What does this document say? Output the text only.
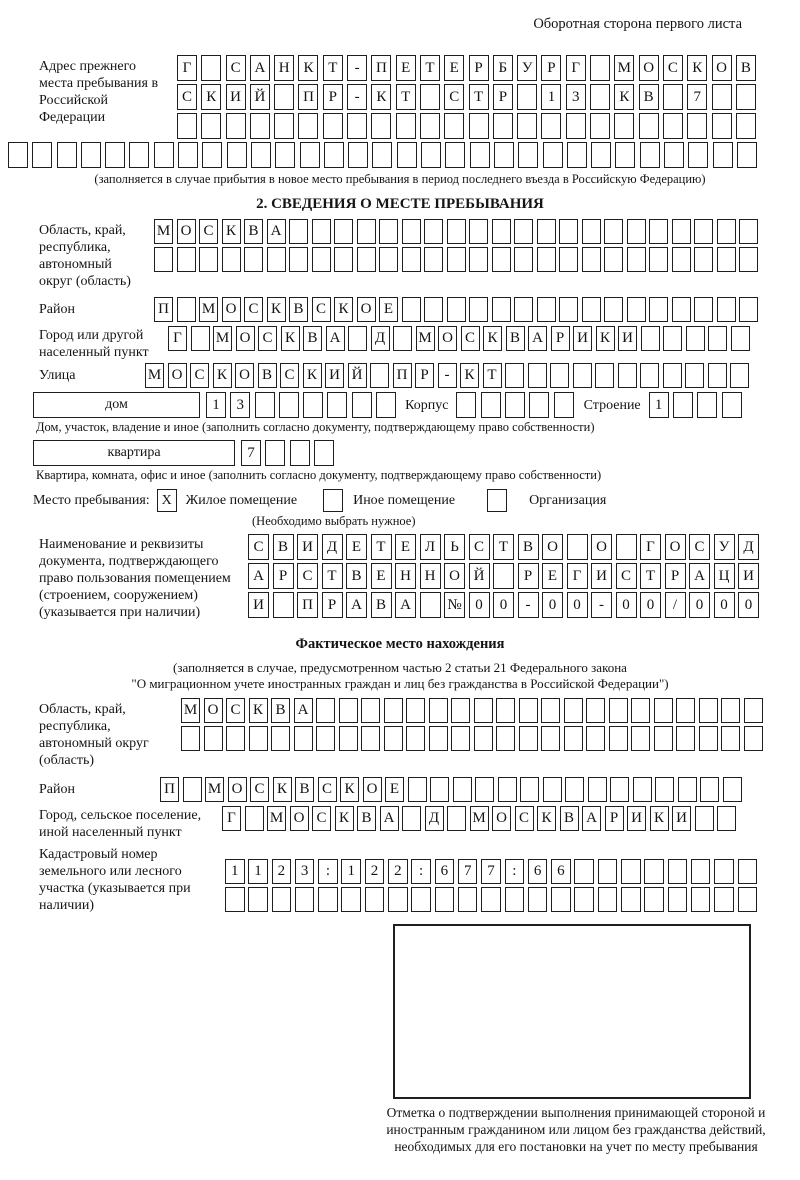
Оборотная сторона первого листа
Адрес прежнего места пребывания в Российской Федерации
Г	С А Н К Т	-	П Е	Т	Е	Р	Б У Р	Г	М О С К О В
С К И Й	П Р	-	К Т	С Т	Р	1	3	К В	7
(заполняется в случае прибытия в новое место пребывания в период последнего въезда в Российскую Федерацию)
2. СВЕДЕНИЯ О МЕСТЕ ПРЕБЫВАНИЯ
Область, край, республика, автономный округ (область)
М О С К В А
Район	П М О С К В С К О Е
Город или другой населенный пункт
Г	М О С К В А Д М О С К В А Р И К И
Улица	М О С К О В С К И Й П Р	- К Т
дом	1	3	Корпус	Строение 1
Дом, участок, владение и иное (заполнить согласно документу, подтверждающему право собственности)
квартира	7
Квартира, комната, офис и иное (заполнить согласно документу, подтверждающему право собственности)
Место пребывания: X Жилое помещение	Иное помещение	Организация
(Необходимо выбрать нужное)
Наименование и реквизиты документа, подтверждающего право пользования помещением (строением, сооружением) (указывается при наличии)
С В И Д Е	Т	Е Л	Ь	С Т В О	О	Г О С У Д
А Р	С Т В Е Н Н О Й	Р	Е	Г И С Т	Р А Ц И
И	П Р А В А	№ 0	0	-	0	0	-	0	0	/	0	0	0
Фактическое место нахождения
(заполняется в случае, предусмотренном частью 2 статьи 21 Федерального закона
"О миграционном учете иностранных граждан и лиц без гражданства в Российской Федерации")
Область, край, республика, автономный округ (область)
М О С К В А
Район	П М О С К В С К О Е
Город, сельское поселение, иной населенный пункт
Г	М О С К В А Д М О С К В А Р И К И
Кадастровый номер земельного или лесного участка (указывается при наличии)
1	1	2	3	:	1	2	2	:	6	7	7	:	6	6
Отметка о подтверждении выполнения принимающей стороной и иностранным гражданином или лицом без гражданства действий, необходимых для его постановки на учет по месту пребывания
